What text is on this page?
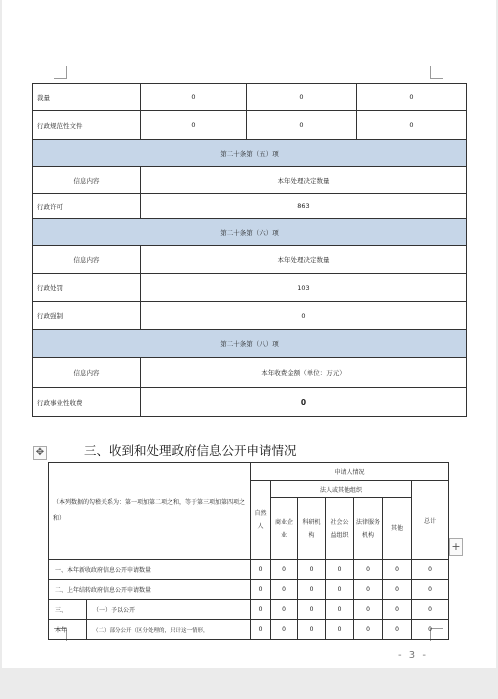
裁量	0	0	0
行政规范性文件	0	0	0
第二十条第（五）项			
信息内容	本年处理决定数量		
行政许可	863		
第二十条第（六）项			
信息内容	本年处理决定数量		
行政处罚	103		
行政强制	0		
第二十条第（八）项			
信息内容	本年收费金额（单位：万元）		
行政事业性收费	0		
✥	三、收到和处理政府信息公开申请情况
（本列数据的勾稽关系为：第一项加第二项之和，等于第三项加第四项之和）		申请人情况						
		自然人	法人或其他组织					总计
			商业企业	科研机构	社会公益组织	法律服务机构	其他	
一、本年新收政府信息公开申请数量		0	0	0	0	0	0	0
二、上年结转政府信息公开申请数量		0	0	0	0	0	0	0
三、	（一）予以公开	0	0	0	0	0	0	0
本年	（二）部分公开（区分处理的，只计这一情形，	0	0	0	0	0	0	0
+
- 3 -
